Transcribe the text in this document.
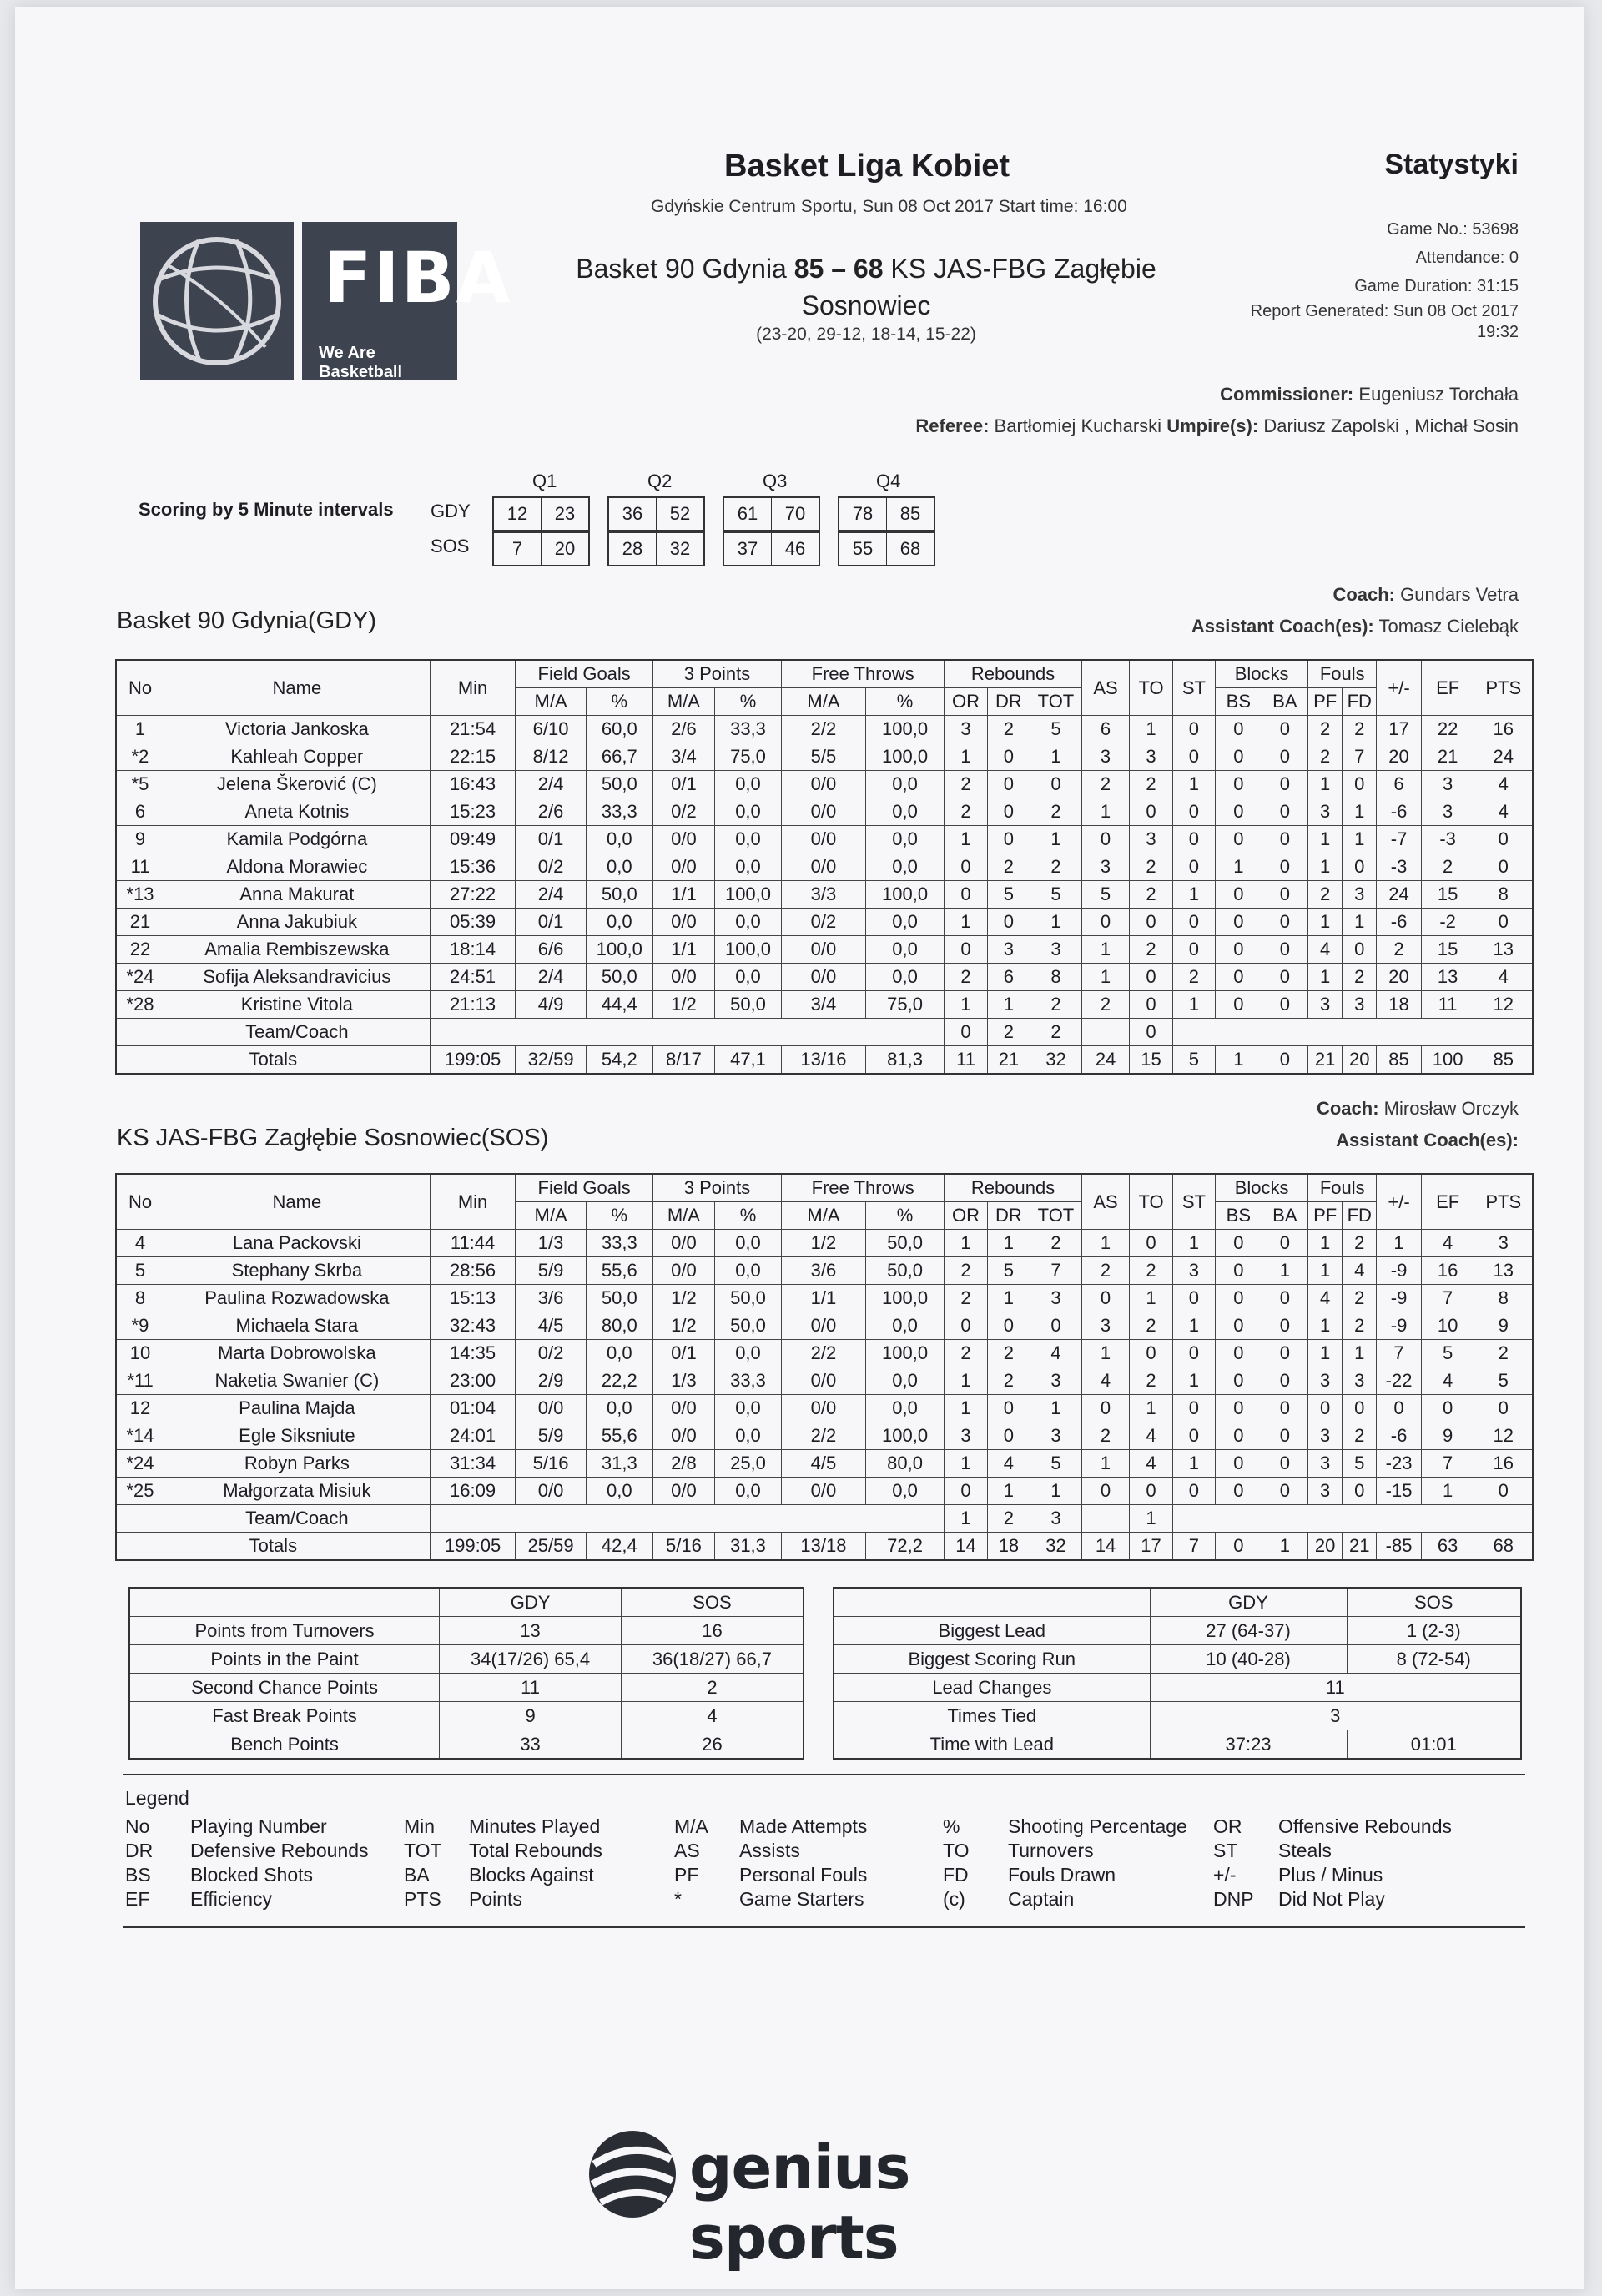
Basket Liga Kobiet
Gdyńskie Centrum Sportu, Sun 08 Oct 2017 Start time: 16:00
Statystyki
FIBA
We Are Basketball
Basket 90 Gdynia 85 – 68 KS JAS-FBG Zagłębie
Sosnowiec
(23-20, 29-12, 18-14, 15-22)
Game No.: 53698
Attendance: 0
Game Duration: 31:15
Report Generated: Sun 08 Oct 2017
19:32
Commissioner: Eugeniusz Torchała
Referee: Bartłomiej Kucharski Umpire(s): Dariusz Zapolski , Michał Sosin
Scoring by 5 Minute intervals
Q1	Q2	Q3	Q4
GDY
SOS
12	23	36	52	61	70	78	85
7	20	28	32	37	46	55	68
Coach: Gundars Vetra
Assistant Coach(es): Tomasz Cielebąk
Basket 90 Gdynia(GDY)
No	Name	Min	Field Goals		3 Points		Free Throws		Rebounds			AS	TO	ST	Blocks		Fouls		+/-	EF	PTS
			M/A	%	M/A	%	M/A	%	OR	DR	TOT				BS	BA	PF	FD			
1	Victoria Jankoska	21:54	6/10	60,0	2/6	33,3	2/2	100,0	3	2	5	6	1	0	0	0	2	2	17	22	16
*2	Kahleah Copper	22:15	8/12	66,7	3/4	75,0	5/5	100,0	1	0	1	3	3	0	0	0	2	7	20	21	24
*5	Jelena Škerović (C)	16:43	2/4	50,0	0/1	0,0	0/0	0,0	2	0	0	2	2	1	0	0	1	0	6	3	4
6	Aneta Kotnis	15:23	2/6	33,3	0/2	0,0	0/0	0,0	2	0	2	1	0	0	0	0	3	1	-6	3	4
9	Kamila Podgórna	09:49	0/1	0,0	0/0	0,0	0/0	0,0	1	0	1	0	3	0	0	0	1	1	-7	-3	0
11	Aldona Morawiec	15:36	0/2	0,0	0/0	0,0	0/0	0,0	0	2	2	3	2	0	1	0	1	0	-3	2	0
*13	Anna Makurat	27:22	2/4	50,0	1/1	100,0	3/3	100,0	0	5	5	5	2	1	0	0	2	3	24	15	8
21	Anna Jakubiuk	05:39	0/1	0,0	0/0	0,0	0/2	0,0	1	0	1	0	0	0	0	0	1	1	-6	-2	0
22	Amalia Rembiszewska	18:14	6/6	100,0	1/1	100,0	0/0	0,0	0	3	3	1	2	0	0	0	4	0	2	15	13
*24	Sofija Aleksandravicius	24:51	2/4	50,0	0/0	0,0	0/0	0,0	2	6	8	1	0	2	0	0	1	2	20	13	4
*28	Kristine Vitola	21:13	4/9	44,4	1/2	50,0	3/4	75,0	1	1	2	2	0	1	0	0	3	3	18	11	12
	Team/Coach								0	2	2		0								
Totals		199:05	32/59	54,2	8/17	47,1	13/16	81,3	11	21	32	24	15	5	1	0	21	20	85	100	85
Coach: Mirosław Orczyk
Assistant Coach(es):
KS JAS-FBG Zagłębie Sosnowiec(SOS)
No	Name	Min	Field Goals		3 Points		Free Throws		Rebounds			AS	TO	ST	Blocks		Fouls		+/-	EF	PTS
			M/A	%	M/A	%	M/A	%	OR	DR	TOT				BS	BA	PF	FD			
4	Lana Packovski	11:44	1/3	33,3	0/0	0,0	1/2	50,0	1	1	2	1	0	1	0	0	1	2	1	4	3
5	Stephany Skrba	28:56	5/9	55,6	0/0	0,0	3/6	50,0	2	5	7	2	2	3	0	1	1	4	-9	16	13
8	Paulina Rozwadowska	15:13	3/6	50,0	1/2	50,0	1/1	100,0	2	1	3	0	1	0	0	0	4	2	-9	7	8
*9	Michaela Stara	32:43	4/5	80,0	1/2	50,0	0/0	0,0	0	0	0	3	2	1	0	0	1	2	-9	10	9
10	Marta Dobrowolska	14:35	0/2	0,0	0/1	0,0	2/2	100,0	2	2	4	1	0	0	0	0	1	1	7	5	2
*11	Naketia Swanier (C)	23:00	2/9	22,2	1/3	33,3	0/0	0,0	1	2	3	4	2	1	0	0	3	3	-22	4	5
12	Paulina Majda	01:04	0/0	0,0	0/0	0,0	0/0	0,0	1	0	1	0	1	0	0	0	0	0	0	0	0
*14	Egle Siksniute	24:01	5/9	55,6	0/0	0,0	2/2	100,0	3	0	3	2	4	0	0	0	3	2	-6	9	12
*24	Robyn Parks	31:34	5/16	31,3	2/8	25,0	4/5	80,0	1	4	5	1	4	1	0	0	3	5	-23	7	16
*25	Małgorzata Misiuk	16:09	0/0	0,0	0/0	0,0	0/0	0,0	0	1	1	0	0	0	0	0	3	0	-15	1	0
	Team/Coach								1	2	3		1								
Totals		199:05	25/59	42,4	5/16	31,3	13/18	72,2	14	18	32	14	17	7	0	1	20	21	-85	63	68
	GDY	SOS
Points from Turnovers	13	16
Points in the Paint	34(17/26) 65,4	36(18/27) 66,7
Second Chance Points	11	2
Fast Break Points	9	4
Bench Points	33	26
	GDY	SOS
Biggest Lead	27 (64-37)	1 (2-3)
Biggest Scoring Run	10 (40-28)	8 (72-54)
Lead Changes	11	
Times Tied	3	
Time with Lead	37:23	01:01
Legend
No Playing Number
DR Defensive Rebounds
BS Blocked Shots
EF Efficiency
Min Minutes Played
TOT Total Rebounds
BA Blocks Against
PTS Points
M/A Made Attempts
AS Assists
PF Personal Fouls
*	Game Starters
%	Shooting Percentage
TO Turnovers
FD Fouls Drawn
(c) Captain
OR Offensive Rebounds
ST Steals
+/- Plus / Minus
DNP Did Not Play
genius sports
